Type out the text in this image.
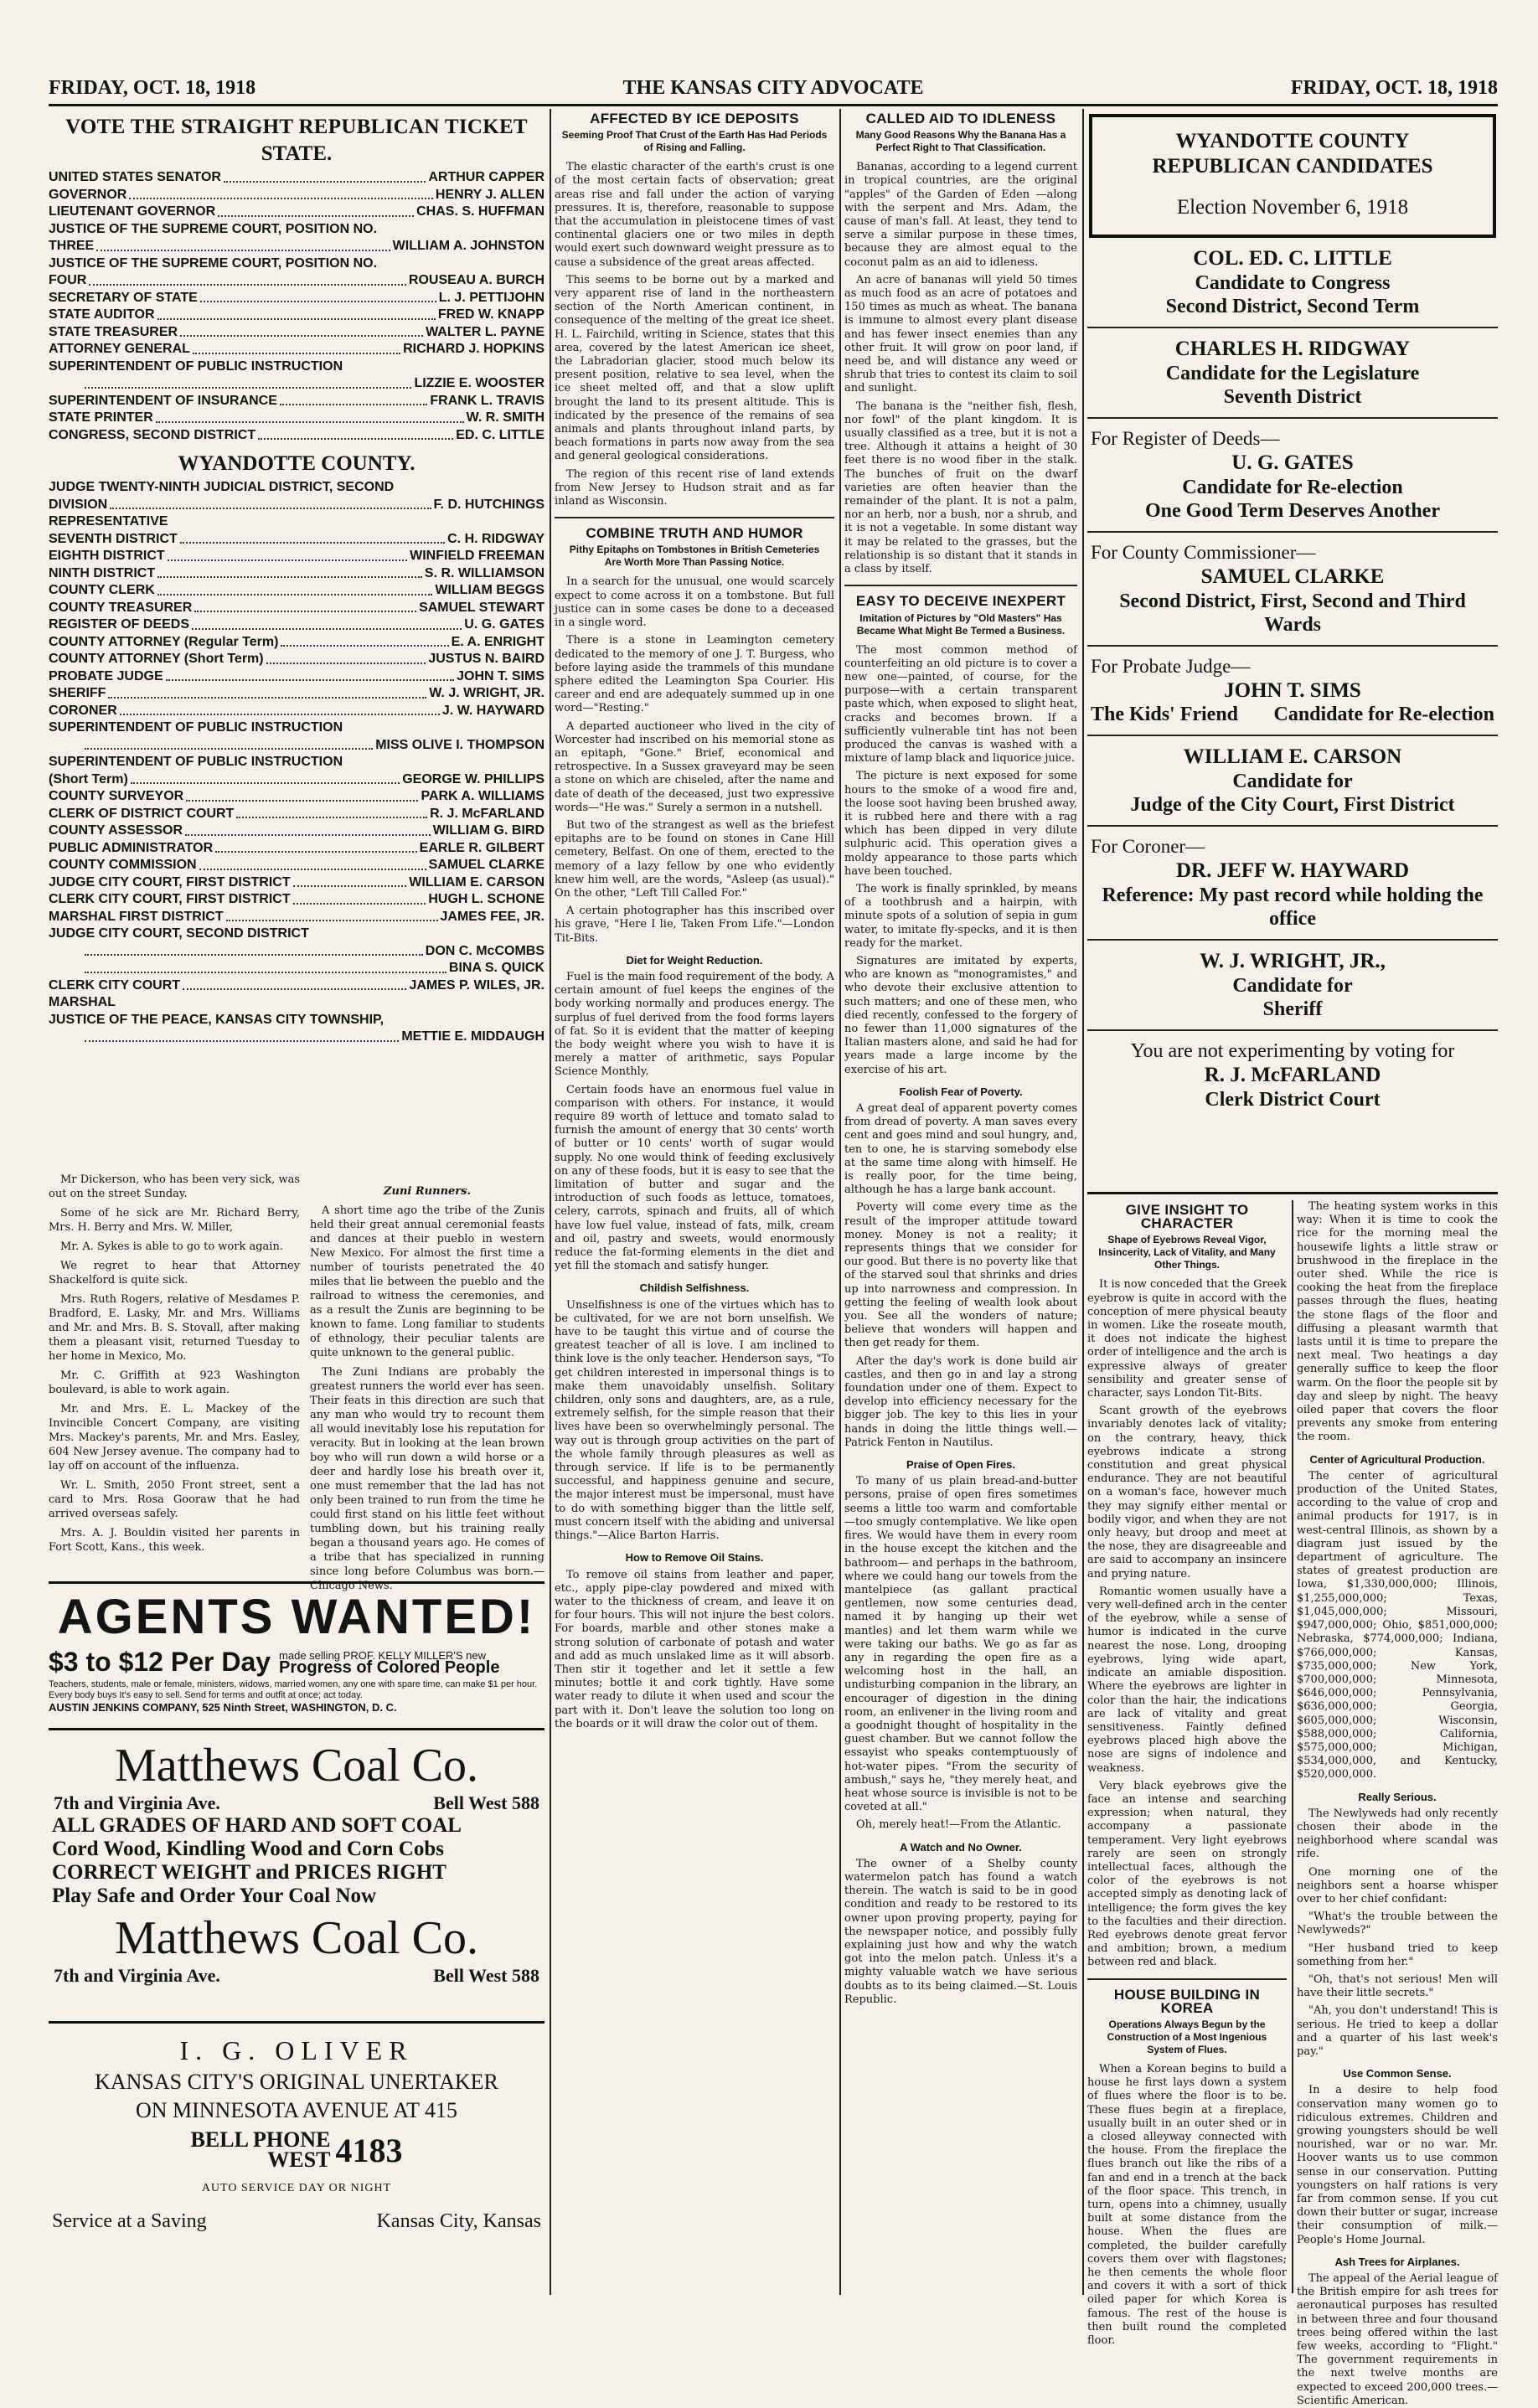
FRIDAY, OCT. 18, 1918	THE KANSAS CITY ADVOCATE	FRIDAY, OCT. 18, 1918
VOTE THE STRAIGHT REPUBLICAN TICKET
STATE.
UNITED STATES SENATOR	ARTHUR CAPPER
GOVERNOR	HENRY J. ALLEN
LIEUTENANT GOVERNOR	CHAS. S. HUFFMAN
JUSTICE OF THE SUPREME COURT, POSITION NO.
THREE	WILLIAM A. JOHNSTON
JUSTICE OF THE SUPREME COURT, POSITION NO.
FOUR	ROUSEAU A. BURCH
SECRETARY OF STATE	L. J. PETTIJOHN
STATE AUDITOR	FRED W. KNAPP
STATE TREASURER	WALTER L. PAYNE
ATTORNEY GENERAL	RICHARD J. HOPKINS
SUPERINTENDENT OF PUBLIC INSTRUCTION
LIZZIE E. WOOSTER
SUPERINTENDENT OF INSURANCE	FRANK L. TRAVIS
STATE PRINTER	W. R. SMITH
CONGRESS, SECOND DISTRICT	ED. C. LITTLE
WYANDOTTE COUNTY.
JUDGE TWENTY-NINTH JUDICIAL DISTRICT, SECOND
DIVISION	F. D. HUTCHINGS
REPRESENTATIVE
SEVENTH DISTRICT	C. H. RIDGWAY
EIGHTH DISTRICT	WINFIELD FREEMAN
NINTH DISTRICT	S. R. WILLIAMSON
COUNTY CLERK	WILLIAM BEGGS
COUNTY TREASURER	SAMUEL STEWART
REGISTER OF DEEDS	U. G. GATES
COUNTY ATTORNEY (Regular Term)	E. A. ENRIGHT
COUNTY ATTORNEY (Short Term)	JUSTUS N. BAIRD
PROBATE JUDGE	JOHN T. SIMS
SHERIFF	W. J. WRIGHT, JR.
CORONER	J. W. HAYWARD
SUPERINTENDENT OF PUBLIC INSTRUCTION
MISS OLIVE I. THOMPSON
SUPERINTENDENT OF PUBLIC INSTRUCTION
(Short Term)	GEORGE W. PHILLIPS
COUNTY SURVEYOR	PARK A. WILLIAMS
CLERK OF DISTRICT COURT	R. J. McFARLAND
COUNTY ASSESSOR	WILLIAM G. BIRD
PUBLIC ADMINISTRATOR	EARLE R. GILBERT
COUNTY COMMISSION	SAMUEL CLARKE
JUDGE CITY COURT, FIRST DISTRICT	WILLIAM E. CARSON
CLERK CITY COURT, FIRST DISTRICT	HUGH L. SCHONE
MARSHAL FIRST DISTRICT	JAMES FEE, JR.
JUDGE CITY COURT, SECOND DISTRICT
DON C. McCOMBS
BINA S. QUICK
CLERK CITY COURT	JAMES P. WILES, JR.
MARSHAL
JUSTICE OF THE PEACE, KANSAS CITY TOWNSHIP,
METTIE E. MIDDAUGH

Mr Dickerson, who has been very sick, was out on the street Sunday.

Some of he sick are Mr. Richard Berry, Mrs. H. Berry and Mrs. W. Miller,

Mr. A. Sykes is able to go to work again.

We regret to hear that Attorney Shackelford is quite sick.

Mrs. Ruth Rogers, relative of Mesdames P. Bradford, E. Lasky, Mr. and Mrs. Williams and Mr. and Mrs. B. S. Stovall, after making them a pleasant visit, returned Tuesday to her home in Mexico, Mo.

Mr. C. Griffith at 923 Washington boulevard, is able to work again.

Mr. and Mrs. E. L. Mackey of the Invincible Concert Company, are visiting Mrs. Mackey's parents, Mr. and Mrs. Easley, 604 New Jersey avenue. The company had to lay off on account of the influenza.

Wr. L. Smith, 2050 Front street, sent a card to Mrs. Rosa Gooraw that he had arrived overseas safely.

Mrs. A. J. Bouldin visited her parents in Fort Scott, Kans., this week.

Zuni Runners.

A short time ago the tribe of the Zunis held their great annual ceremonial feasts and dances at their pueblo in western New Mexico. For almost the first time a number of tourists penetrated the 40 miles that lie between the pueblo and the railroad to witness the ceremonies, and as a result the Zunis are beginning to be known to fame. Long familiar to students of ethnology, their peculiar talents are quite unknown to the general public.

The Zuni Indians are probably the greatest runners the world ever has seen. Their feats in this direction are such that any man who would try to recount them all would inevitably lose his reputation for veracity. But in looking at the lean brown boy who will run down a wild horse or a deer and hardly lose his breath over it, one must remember that the lad has not only been trained to run from the time he could first stand on his little feet without tumbling down, but his training really began a thousand years ago. He comes of a tribe that has specialized in running since long before Columbus was born.—Chicago News.

AGENTS WANTED!
$3 to $12 Per Day made selling PROF. KELLY MILLER'S new
Progress of Colored People
Teachers, students, male or female, ministers, widows, married women, any one with spare time, can make $1 per hour. Every body buys It's easy to sell. Send for terms and outfit at once; act today.
AUSTIN JENKINS COMPANY, 525 Ninth Street, WASHINGTON, D. C.
Matthews Coal Co.
7th and Virginia Ave.	Bell West 588
ALL GRADES OF HARD AND SOFT COAL
Cord Wood, Kindling Wood and Corn Cobs
CORRECT WEIGHT and PRICES RIGHT
Play Safe and Order Your Coal Now
Matthews Coal Co.
7th and Virginia Ave.	Bell West 588
I. G. OLIVER
KANSAS CITY'S ORIGINAL UNERTAKER
ON MINNESOTA AVENUE AT 415
BELL PHONE
WEST 4183
AUTO SERVICE DAY OR NIGHT
Service at a Saving	Kansas City, Kansas
AFFECTED BY ICE DEPOSITS
Seeming Proof That Crust of the Earth Has Had Periods of Rising and Falling.

The elastic character of the earth's crust is one of the most certain facts of observation; great areas rise and fall under the action of varying pressures. It is, therefore, reasonable to suppose that the accumulation in pleistocene times of vast continental glaciers one or two miles in depth would exert such downward weight pressure as to cause a subsidence of the great areas affected.

This seems to be borne out by a marked and very apparent rise of land in the northeastern section of the North American continent, in consequence of the melting of the great ice sheet. H. L. Fairchild, writing in Science, states that this area, covered by the latest American ice sheet, the Labradorian glacier, stood much below its present position, relative to sea level, when the ice sheet melted off, and that a slow uplift brought the land to its present altitude. This is indicated by the presence of the remains of sea animals and plants throughout inland parts, by beach formations in parts now away from the sea and general geological considerations.

The region of this recent rise of land extends from New Jersey to Hudson strait and as far inland as Wisconsin.

COMBINE TRUTH AND HUMOR
Pithy Epitaphs on Tombstones in British Cemeteries Are Worth More Than Passing Notice.

In a search for the unusual, one would scarcely expect to come across it on a tombstone. But full justice can in some cases be done to a deceased in a single word.

There is a stone in Leamington cemetery dedicated to the memory of one J. T. Burgess, who before laying aside the trammels of this mundane sphere edited the Leamington Spa Courier. His career and end are adequately summed up in one word—"Resting."

A departed auctioneer who lived in the city of Worcester had inscribed on his memorial stone as an epitaph, "Gone." Brief, economical and retrospective. In a Sussex graveyard may be seen a stone on which are chiseled, after the name and date of death of the deceased, just two expressive words—"He was." Surely a sermon in a nutshell.

But two of the strangest as well as the briefest epitaphs are to be found on stones in Cane Hill cemetery, Belfast. On one of them, erected to the memory of a lazy fellow by one who evidently knew him well, are the words, "Asleep (as usual)." On the other, "Left Till Called For."

A certain photographer has this inscribed over his grave, "Here I lie, Taken From Life."—London Tit-Bits.

Diet for Weight Reduction.

Fuel is the main food requirement of the body. A certain amount of fuel keeps the engines of the body working normally and produces energy. The surplus of fuel derived from the food forms layers of fat. So it is evident that the matter of keeping the body weight where you wish to have it is merely a matter of arithmetic, says Popular Science Monthly.

Certain foods have an enormous fuel value in comparison with others. For instance, it would require 89 worth of lettuce and tomato salad to furnish the amount of energy that 30 cents' worth of butter or 10 cents' worth of sugar would supply. No one would think of feeding exclusively on any of these foods, but it is easy to see that the limitation of butter and sugar and the introduction of such foods as lettuce, tomatoes, celery, carrots, spinach and fruits, all of which have low fuel value, instead of fats, milk, cream and oil, pastry and sweets, would enormously reduce the fat-forming elements in the diet and yet fill the stomach and satisfy hunger.

Childish Selfishness.

Unselfishness is one of the virtues which has to be cultivated, for we are not born unselfish. We have to be taught this virtue and of course the greatest teacher of all is love. I am inclined to think love is the only teacher. Henderson says, "To get children interested in impersonal things is to make them unavoidably unselfish. Solitary children, only sons and daughters, are, as a rule, extremely selfish, for the simple reason that their lives have been so overwhelmingly personal. The way out is through group activities on the part of the whole family through pleasures as well as through service. If life is to be permanently successful, and happiness genuine and secure, the major interest must be impersonal, must have to do with something bigger than the little self, must concern itself with the abiding and universal things."—Alice Barton Harris.

How to Remove Oil Stains.

To remove oil stains from leather and paper, etc., apply pipe-clay powdered and mixed with water to the thickness of cream, and leave it on for four hours. This will not injure the best colors. For boards, marble and other stones make a strong solution of carbonate of potash and water and add as much unslaked lime as it will absorb. Then stir it together and let it settle a few minutes; bottle it and cork tightly. Have some water ready to dilute it when used and scour the part with it. Don't leave the solution too long on the boards or it will draw the color out of them.

CALLED AID TO IDLENESS
Many Good Reasons Why the Banana Has a Perfect Right to That Classification.

Bananas, according to a legend current in tropical countries, are the original "apples" of the Garden of Eden —along with the serpent and Mrs. Adam, the cause of man's fall. At least, they tend to serve a similar purpose in these times, because they are almost equal to the coconut palm as an aid to idleness.

An acre of bananas will yield 50 times as much food as an acre of potatoes and 150 times as much as wheat. The banana is immune to almost every plant disease and has fewer insect enemies than any other fruit. It will grow on poor land, if need be, and will distance any weed or shrub that tries to contest its claim to soil and sunlight.

The banana is the "neither fish, flesh, nor fowl" of the plant kingdom. It is usually classified as a tree, but it is not a tree. Although it attains a height of 30 feet there is no wood fiber in the stalk. The bunches of fruit on the dwarf varieties are often heavier than the remainder of the plant. It is not a palm, nor an herb, nor a bush, nor a shrub, and it is not a vegetable. In some distant way it may be related to the grasses, but the relationship is so distant that it stands in a class by itself.

EASY TO DECEIVE INEXPERT
Imitation of Pictures by "Old Masters" Has Became What Might Be Termed a Business.

The most common method of counterfeiting an old picture is to cover a new one—painted, of course, for the purpose—with a certain transparent paste which, when exposed to slight heat, cracks and becomes brown. If a sufficiently vulnerable tint has not been produced the canvas is washed with a mixture of lamp black and liquorice juice.

The picture is next exposed for some hours to the smoke of a wood fire and, the loose soot having been brushed away, it is rubbed here and there with a rag which has been dipped in very dilute sulphuric acid. This operation gives a moldy appearance to those parts which have been touched.

The work is finally sprinkled, by means of a toothbrush and a hairpin, with minute spots of a solution of sepia in gum water, to imitate fly-specks, and it is then ready for the market.

Signatures are imitated by experts, who are known as "monogramistes," and who devote their exclusive attention to such matters; and one of these men, who died recently, confessed to the forgery of no fewer than 11,000 signatures of the Italian masters alone, and said he had for years made a large income by the exercise of his art.

Foolish Fear of Poverty.

A great deal of apparent poverty comes from dread of poverty. A man saves every cent and goes mind and soul hungry, and, ten to one, he is starving somebody else at the same time along with himself. He is really poor, for the time being, although he has a large bank account.

Poverty will come every time as the result of the improper attitude toward money. Money is not a reality; it represents things that we consider for our good. But there is no poverty like that of the starved soul that shrinks and dries up into narrowness and compression. In getting the feeling of wealth look about you. See all the wonders of nature; believe that wonders will happen and then get ready for them.

After the day's work is done build air castles, and then go in and lay a strong foundation under one of them. Expect to develop into efficiency necessary for the bigger job. The key to this lies in your hands in doing the little things well.—Patrick Fenton in Nautilus.

Praise of Open Fires.

To many of us plain bread-and-butter persons, praise of open fires sometimes seems a little too warm and comfortable—too smugly contemplative. We like open fires. We would have them in every room in the house except the kitchen and the bathroom— and perhaps in the bathroom, where we could hang our towels from the mantelpiece (as gallant practical gentlemen, now some centuries dead, named it by hanging up their wet mantles) and let them warm while we were taking our baths. We go as far as any in regarding the open fire as a welcoming host in the hall, an undisturbing companion in the library, an encourager of digestion in the dining room, an enlivener in the living room and a goodnight thought of hospitality in the guest chamber. But we cannot follow the essayist who speaks contemptuously of hot-water pipes. "From the security of ambush," says he, "they merely heat, and heat whose source is invisible is not to be coveted at all."

Oh, merely heat!—From the Atlantic.

A Watch and No Owner.

The owner of a Shelby county watermelon patch has found a watch therein. The watch is said to be in good condition and ready to be restored to its owner upon proving property, paying for the newspaper notice, and possibly fully explaining just how and why the watch got into the melon patch. Unless it's a mighty valuable watch we have serious doubts as to its being claimed.—St. Louis Republic.

WYANDOTTE COUNTY
REPUBLICAN CANDIDATES
Election November 6, 1918
COL. ED. C. LITTLE
Candidate to Congress
Second District, Second Term
CHARLES H. RIDGWAY
Candidate for the Legislature
Seventh District
For Register of Deeds—
U. G. GATES
Candidate for Re-election
One Good Term Deserves Another
For County Commissioner—
SAMUEL CLARKE
Second District, First, Second and Third Wards
For Probate Judge—
JOHN T. SIMS
The Kids' Friend Candidate for Re-election
WILLIAM E. CARSON
Candidate for
Judge of the City Court, First District
For Coroner—
DR. JEFF W. HAYWARD
Reference: My past record while holding the office
W. J. WRIGHT, JR.,
Candidate for
Sheriff
You are not experimenting by voting for
R. J. McFARLAND
Clerk District Court
GIVE INSIGHT TO CHARACTER
Shape of Eyebrows Reveal Vigor, Insincerity, Lack of Vitality, and Many Other Things.

It is now conceded that the Greek eyebrow is quite in accord with the conception of mere physical beauty in women. Like the roseate mouth, it does not indicate the highest order of intelligence and the arch is expressive always of greater sensibility and greater sense of character, says London Tit-Bits.

Scant growth of the eyebrows invariably denotes lack of vitality; on the contrary, heavy, thick eyebrows indicate a strong constitution and great physical endurance. They are not beautiful on a woman's face, however much they may signify either mental or bodily vigor, and when they are not only heavy, but droop and meet at the nose, they are disagreeable and are said to accompany an insincere and prying nature.

Romantic women usually have a very well-defined arch in the center of the eyebrow, while a sense of humor is indicated in the curve nearest the nose. Long, drooping eyebrows, lying wide apart, indicate an amiable disposition. Where the eyebrows are lighter in color than the hair, the indications are lack of vitality and great sensitiveness. Faintly defined eyebrows placed high above the nose are signs of indolence and weakness.

Very black eyebrows give the face an intense and searching expression; when natural, they accompany a passionate temperament. Very light eyebrows rarely are seen on strongly intellectual faces, although the color of the eyebrows is not accepted simply as denoting lack of intelligence; the form gives the key to the faculties and their direction. Red eyebrows denote great fervor and ambition; brown, a medium between red and black.

HOUSE BUILDING IN KOREA
Operations Always Begun by the Construction of a Most Ingenious System of Flues.

When a Korean begins to build a house he first lays down a system of flues where the floor is to be. These flues begin at a fireplace, usually built in an outer shed or in a closed alleyway connected with the house. From the fireplace the flues branch out like the ribs of a fan and end in a trench at the back of the floor space. This trench, in turn, opens into a chimney, usually built at some distance from the house. When the flues are completed, the builder carefully covers them over with flagstones; he then cements the whole floor and covers it with a sort of thick oiled paper for which Korea is famous. The rest of the house is then built round the completed floor.

The heating system works in this way: When it is time to cook the rice for the morning meal the housewife lights a little straw or brushwood in the fireplace in the outer shed. While the rice is cooking the heat from the fireplace passes through the flues, heating the stone flags of the floor and diffusing a pleasant warmth that lasts until it is time to prepare the next meal. Two heatings a day generally suffice to keep the floor warm. On the floor the people sit by day and sleep by night. The heavy oiled paper that covers the floor prevents any smoke from entering the room.

Center of Agricultural Production.

The center of agricultural production of the United States, according to the value of crop and animal products for 1917, is in west-central Illinois, as shown by a diagram just issued by the department of agriculture. The states of greatest production are Iowa, $1,330,000,000; Illinois, $1,255,000,000; Texas, $1,045,000,000; Missouri, $947,000,000; Ohio, $851,000,000; Nebraska, $774,000,000; Indiana, $766,000,000; Kansas, $735,000,000; New York, $700,000,000; Minnesota, $646,000,000; Pennsylvania, $636,000,000; Georgia, $605,000,000; Wisconsin, $588,000,000; California, $575,000,000; Michigan, $534,000,000, and Kentucky, $520,000,000.

Really Serious.

The Newlyweds had only recently chosen their abode in the neighborhood where scandal was rife.

One morning one of the neighbors sent a hoarse whisper over to her chief confidant:

"What's the trouble between the Newlyweds?"

"Her husband tried to keep something from her."

"Oh, that's not serious! Men will have their little secrets."

"Ah, you don't understand! This is serious. He tried to keep a dollar and a quarter of his last week's pay."

Use Common Sense.

In a desire to help food conservation many women go to ridiculous extremes. Children and growing youngsters should be well nourished, war or no war. Mr. Hoover wants us to use common sense in our conservation. Putting youngsters on half rations is very far from common sense. If you cut down their butter or sugar, increase their consumption of milk.—People's Home Journal.

Ash Trees for Airplanes.

The appeal of the Aerial league of the British empire for ash trees for aeronautical purposes has resulted in between three and four thousand trees being offered within the last few weeks, according to "Flight." The government requirements in the next twelve months are expected to exceed 200,000 trees.—Scientific American.
